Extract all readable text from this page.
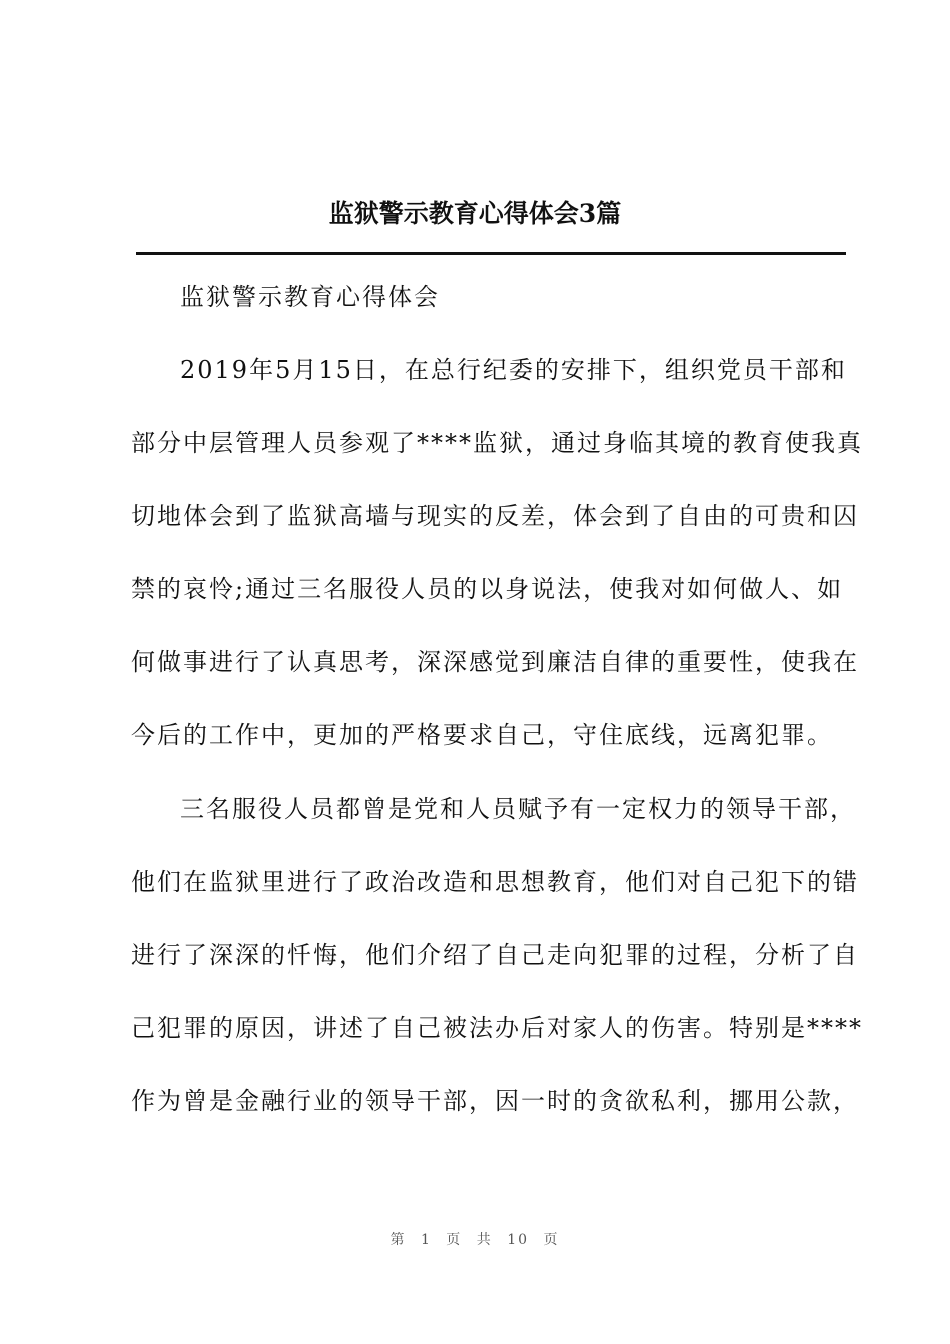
监狱警示教育心得体会3篇
监狱警示教育心得体会
2019年5月15日，在总行纪委的安排下，组织党员干部和
部分中层管理人员参观了****监狱，通过身临其境的教育使我真
切地体会到了监狱高墙与现实的反差，体会到了自由的可贵和囚
禁的哀怜;通过三名服役人员的以身说法，使我对如何做人、如
何做事进行了认真思考，深深感觉到廉洁自律的重要性，使我在
今后的工作中，更加的严格要求自己，守住底线，远离犯罪。
三名服役人员都曾是党和人员赋予有一定权力的领导干部，
他们在监狱里进行了政治改造和思想教育，他们对自己犯下的错
进行了深深的忏悔，他们介绍了自己走向犯罪的过程，分析了自
己犯罪的原因，讲述了自己被法办后对家人的伤害。特别是****
作为曾是金融行业的领导干部，因一时的贪欲私利，挪用公款，
第 1 页 共 10 页
